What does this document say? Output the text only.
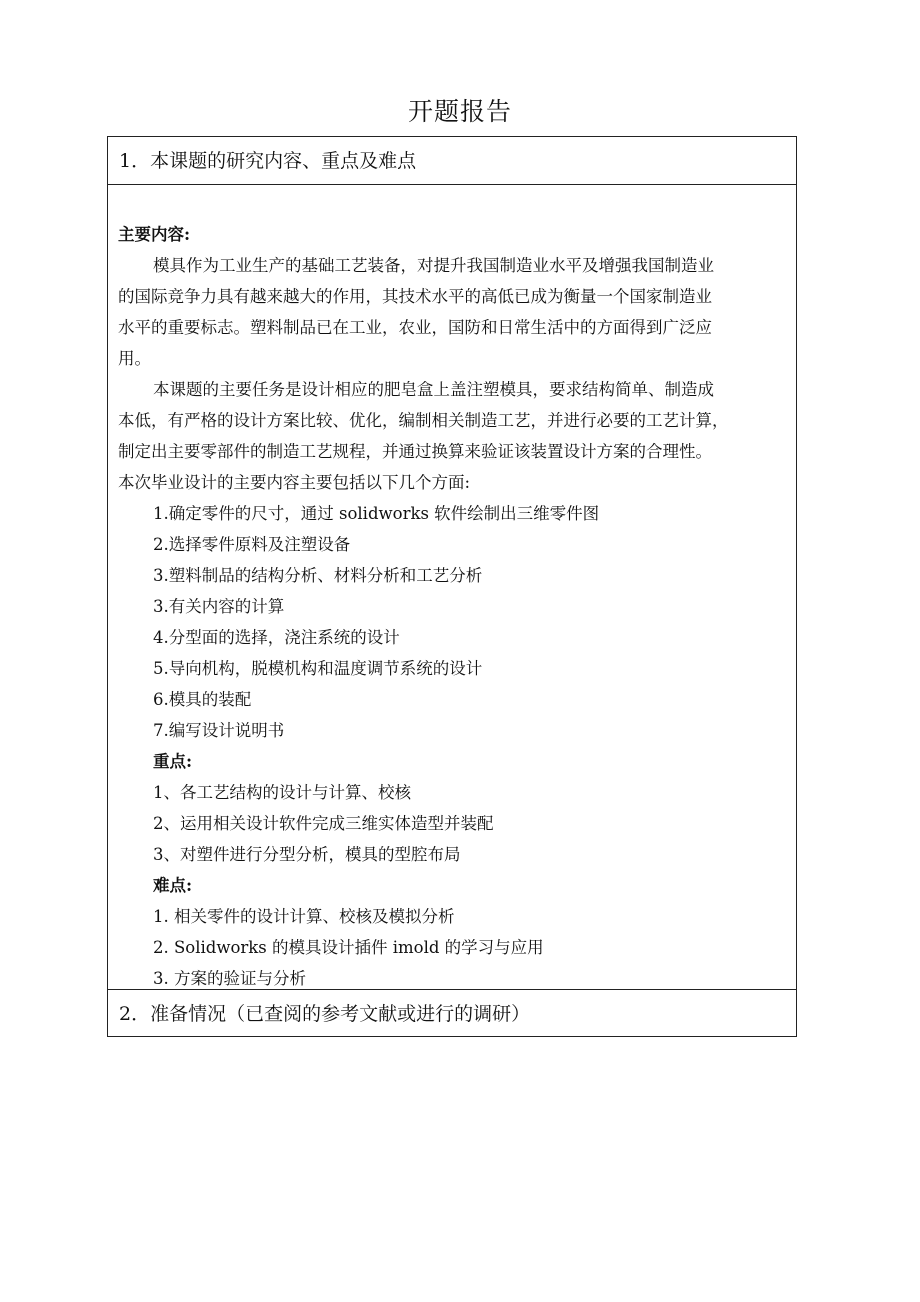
开题报告
1．本课题的研究内容、重点及难点
主要内容:
模具作为工业生产的基础工艺装备，对提升我国制造业水平及增强我国制造业
的国际竞争力具有越来越大的作用，其技术水平的高低已成为衡量一个国家制造业
水平的重要标志。塑料制品已在工业，农业，国防和日常生活中的方面得到广泛应
用。
本课题的主要任务是设计相应的肥皂盒上盖注塑模具，要求结构简单、制造成
本低，有严格的设计方案比较、优化，编制相关制造工艺，并进行必要的工艺计算，
制定出主要零部件的制造工艺规程，并通过换算来验证该装置设计方案的合理性。
本次毕业设计的主要内容主要包括以下几个方面:
1.确定零件的尺寸，通过 solidworks 软件绘制出三维零件图
2.选择零件原料及注塑设备
3.塑料制品的结构分析、材料分析和工艺分析
3.有关内容的计算
4.分型面的选择，浇注系统的设计
5.导向机构，脱模机构和温度调节系统的设计
6.模具的装配
7.编写设计说明书
重点:
1、各工艺结构的设计与计算、校核
2、运用相关设计软件完成三维实体造型并装配
3、对塑件进行分型分析，模具的型腔布局
难点:
1. 相关零件的设计计算、校核及模拟分析
2. Solidworks 的模具设计插件 imold 的学习与应用
3. 方案的验证与分析
2．准备情况（已查阅的参考文献或进行的调研）
